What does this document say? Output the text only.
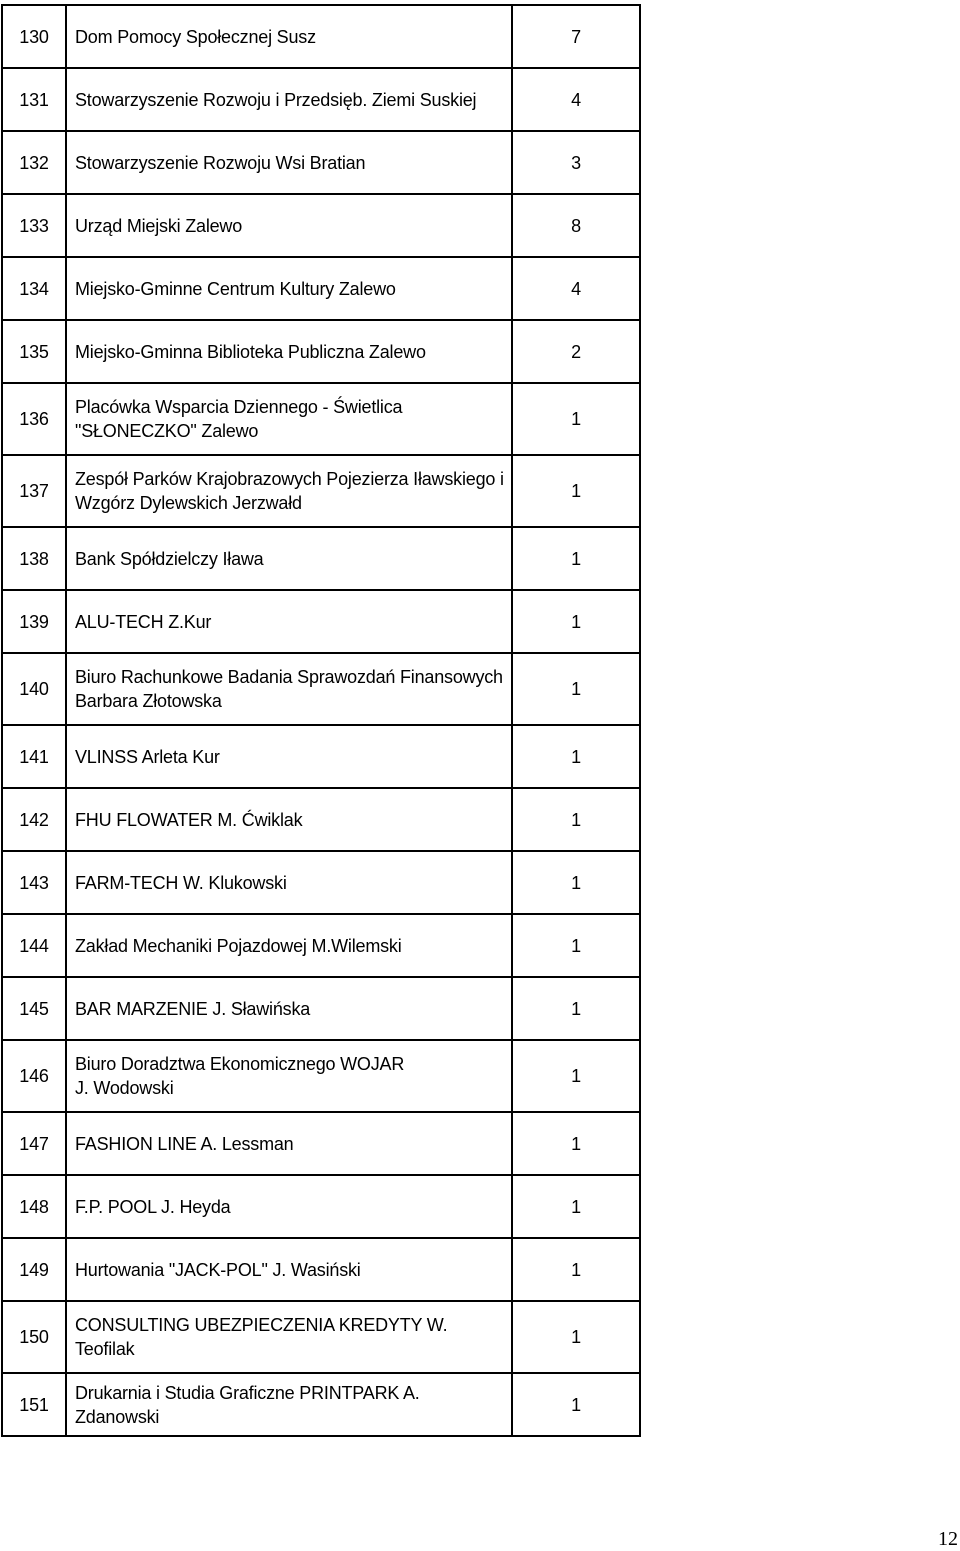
130	Dom Pomocy Społecznej Susz	7
131	Stowarzyszenie Rozwoju i Przedsięb. Ziemi Suskiej	4
132	Stowarzyszenie Rozwoju Wsi Bratian	3
133	Urząd Miejski Zalewo	8
134	Miejsko-Gminne Centrum Kultury Zalewo	4
135	Miejsko-Gminna Biblioteka Publiczna Zalewo	2
136	Placówka Wsparcia Dziennego - Świetlica
"SŁONECZKO" Zalewo	1
137	Zespół Parków Krajobrazowych Pojezierza Iławskiego i
Wzgórz Dylewskich Jerzwałd	1
138	Bank Spółdzielczy Iława	1
139	ALU-TECH Z.Kur	1
140	Biuro Rachunkowe Badania Sprawozdań Finansowych
Barbara Złotowska	1
141	VLINSS Arleta Kur	1
142	FHU FLOWATER M. Ćwiklak	1
143	FARM-TECH W. Klukowski	1
144	Zakład Mechaniki Pojazdowej M.Wilemski	1
145	BAR MARZENIE J. Sławińska	1
146	Biuro Doradztwa Ekonomicznego WOJAR
J. Wodowski	1
147	FASHION LINE A. Lessman	1
148	F.P. POOL J. Heyda	1
149	Hurtowania "JACK-POL" J. Wasiński	1
150	CONSULTING UBEZPIECZENIA KREDYTY W.
Teofilak	1
151	Drukarnia i Studia Graficzne PRINTPARK A. Zdanowski	1
12
